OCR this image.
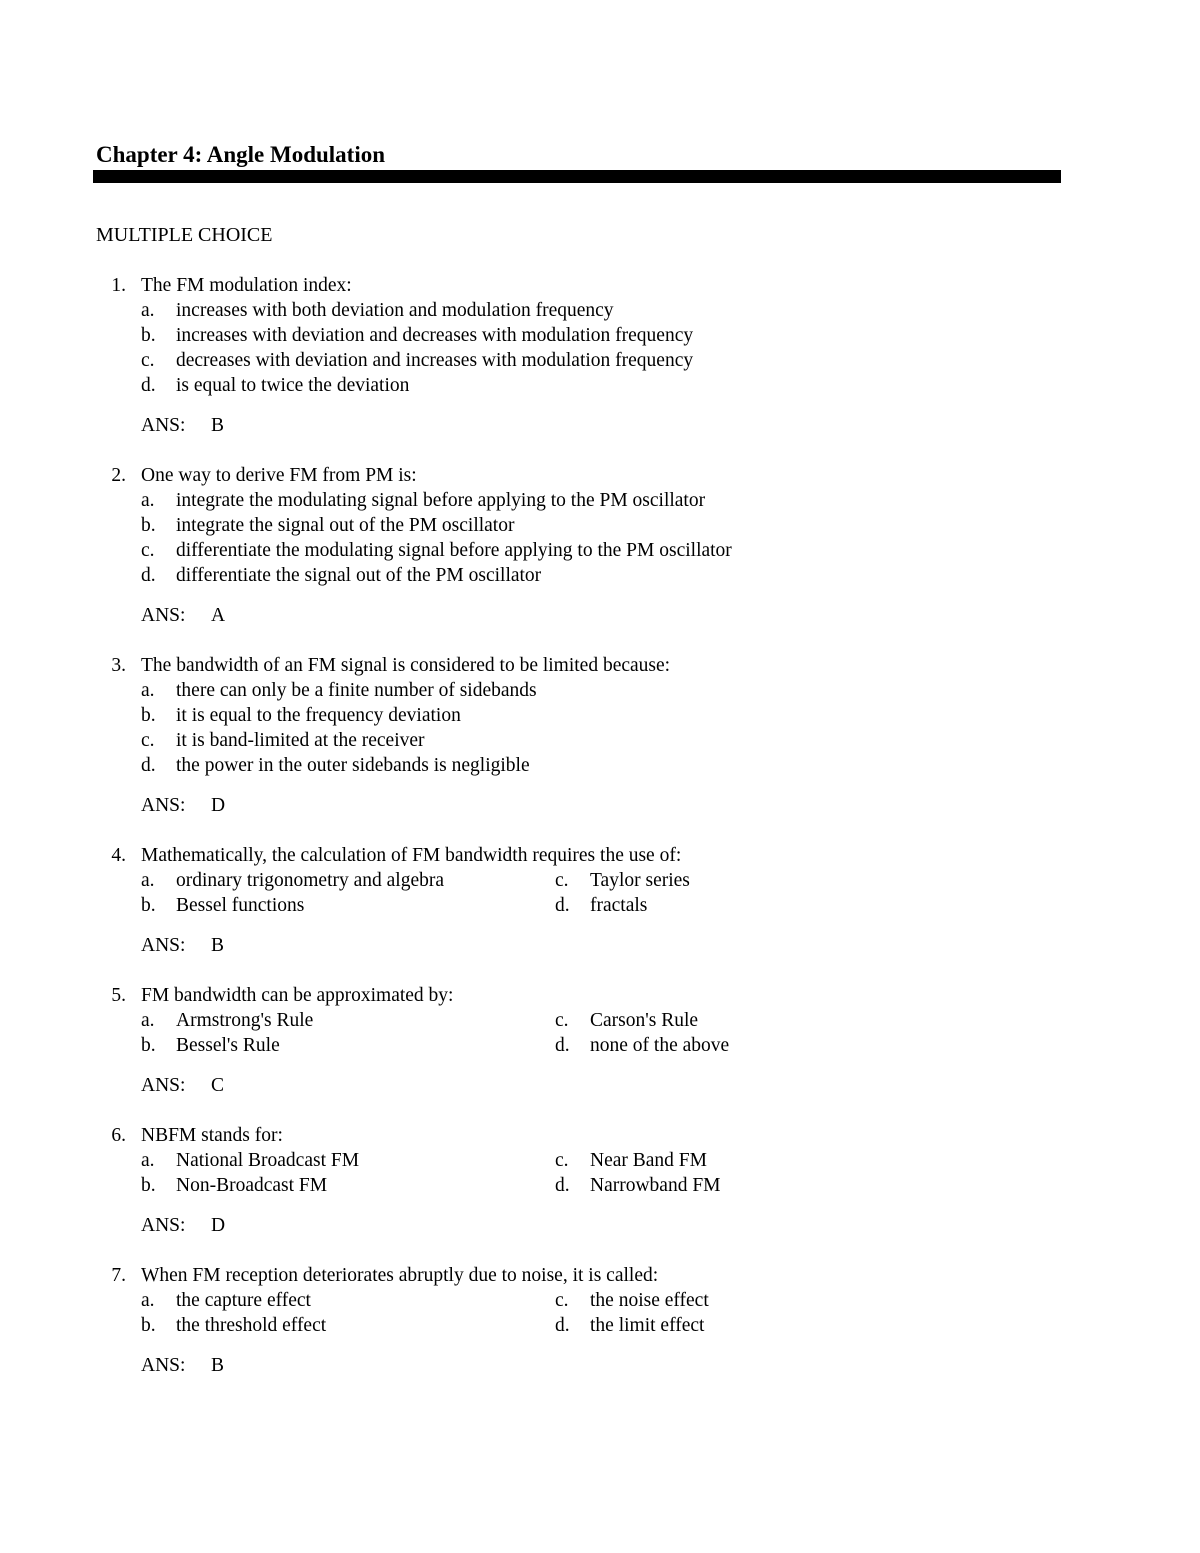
Chapter 4: Angle Modulation
MULTIPLE CHOICE
1. The FM modulation index:
a. increases with both deviation and modulation frequency
b. increases with deviation and decreases with modulation frequency
c. decreases with deviation and increases with modulation frequency
d. is equal to twice the deviation
ANS: B
2. One way to derive FM from PM is:
a. integrate the modulating signal before applying to the PM oscillator
b. integrate the signal out of the PM oscillator
c. differentiate the modulating signal before applying to the PM oscillator
d. differentiate the signal out of the PM oscillator
ANS: A
3. The bandwidth of an FM signal is considered to be limited because:
a. there can only be a finite number of sidebands
b. it is equal to the frequency deviation
c. it is band-limited at the receiver
d. the power in the outer sidebands is negligible
ANS: D
4. Mathematically, the calculation of FM bandwidth requires the use of:
a. ordinary trigonometry and algebra
b. Bessel functions
c. Taylor series
d. fractals
ANS: B
5. FM bandwidth can be approximated by:
a. Armstrong's Rule
b. Bessel's Rule
c. Carson's Rule
d. none of the above
ANS: C
6. NBFM stands for:
a. National Broadcast FM
b. Non-Broadcast FM
c. Near Band FM
d. Narrowband FM
ANS: D
7. When FM reception deteriorates abruptly due to noise, it is called:
a. the capture effect
b. the threshold effect
c. the noise effect
d. the limit effect
ANS: B
